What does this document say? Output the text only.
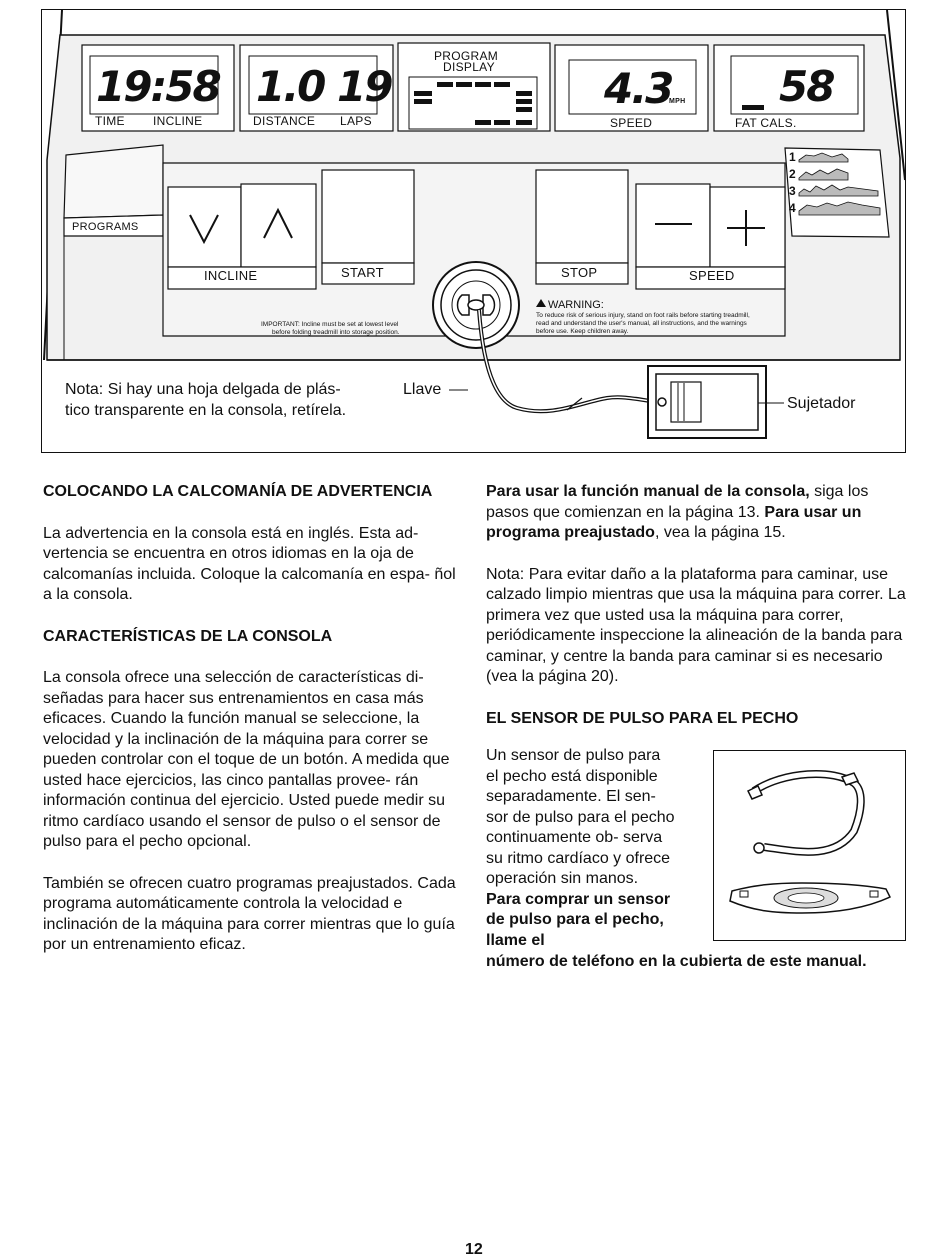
19:58
TIME INCLINE
1.0 19
DISTANCE LAPS
PROGRAM
DISPLAY	4.3
MPH
SPEED
58
FAT CALS.
PROGRAMS
INCLINE	START	STOP	SPEED
1
2
3
4
IMPORTANT: Incline must be set at lowest level
before folding treadmill into storage position.
WARNING:
To reduce risk of serious injury, stand on foot rails before starting treadmill,
read and understand the user's manual, all instructions, and the warnings
before use. Keep children away.
Nota: Si hay una hoja delgada de plás-
tico transparente en la consola, retírela.
Llave
Sujetador
COLOCANDO LA CALCOMANÍA DE ADVERTENCIA

La advertencia en la consola está en inglés. Esta ad- vertencia se encuentra en otros idiomas en la oja de calcomanías incluida. Coloque la calcomanía en espa- ñol a la consola.

CARACTERÍSTICAS DE LA CONSOLA

La consola ofrece una selección de características di- señadas para hacer sus entrenamientos en casa más eficaces. Cuando la función manual se seleccione, la velocidad y la inclinación de la máquina para correr se pueden controlar con el toque de un botón. A medida que usted hace ejercicios, las cinco pantallas provee- rán información continua del ejercicio. Usted puede medir su ritmo cardíaco usando el sensor de pulso o el sensor de pulso para el pecho opcional.

También se ofrecen cuatro programas preajustados. Cada programa automáticamente controla la velocidad e inclinación de la máquina para correr mientras que lo guía por un entrenamiento eficaz.

Para usar la función manual de la consola, siga los pasos que comienzan en la página 13. Para usar un programa preajustado, vea la página 15.

Nota: Para evitar daño a la plataforma para caminar, use calzado limpio mientras que usa la máquina para correr. La primera vez que usted usa la máquina para correr, periódicamente inspeccione la alineación de la banda para caminar, y centre la banda para caminar si es necesario (vea la página 20).

EL SENSOR DE PULSO PARA EL PECHO
Un sensor de pulso para el pecho está disponible separadamente. El sen- sor de pulso para el pecho continuamente ob- serva su ritmo cardíaco y ofrece operación sin manos. Para comprar un sensor de pulso para el pecho, llame el
número de teléfono en la cubierta de este manual.
12
